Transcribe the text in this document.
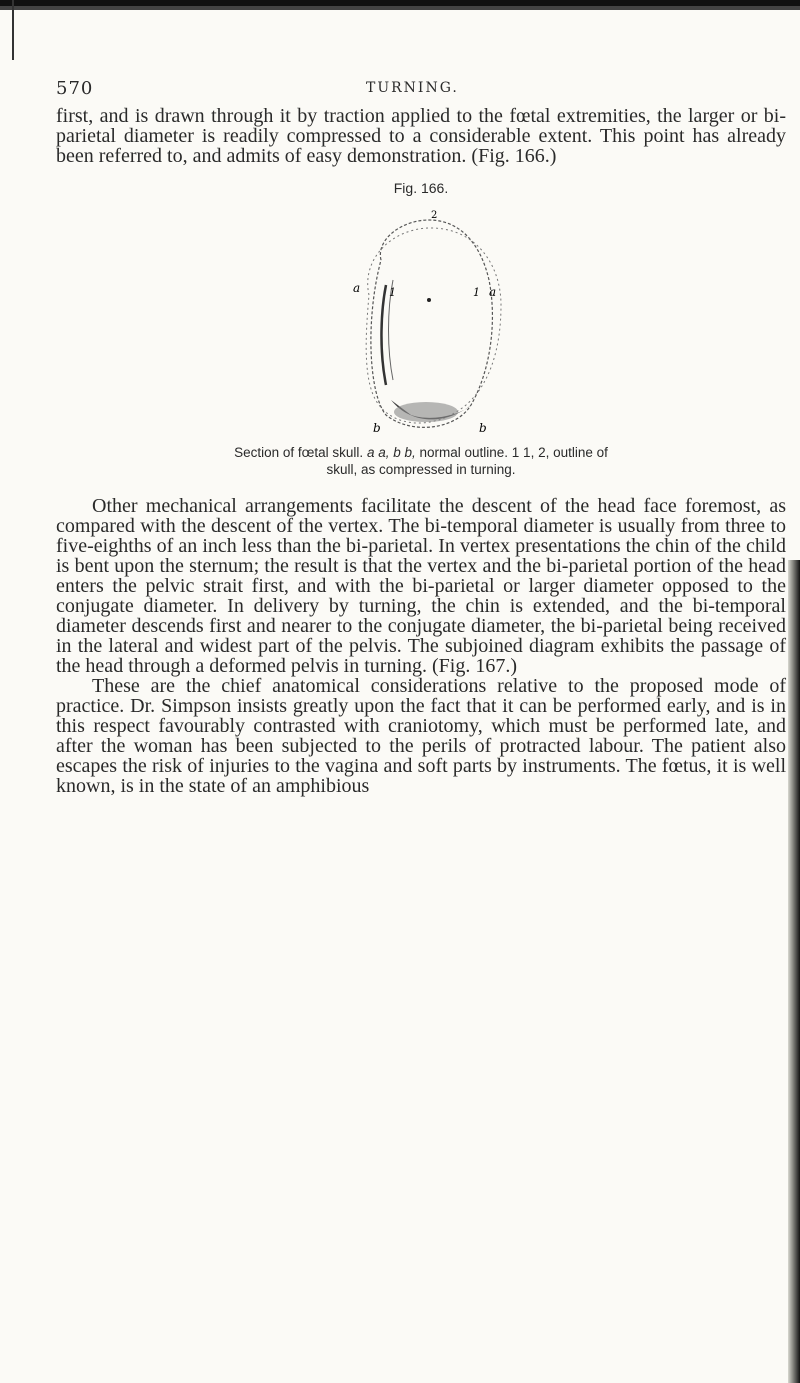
570	TURNING.

first, and is drawn through it by traction applied to the fœtal extremities, the larger or bi-parietal diameter is readily compressed to a considerable extent. This point has already been referred to, and admits of easy demonstration. (Fig. 166.)

Fig. 166.
a	1	1 a
2
b	b
Section of fœtal skull. a a, b b, normal outline. 1 1, 2, outline of
skull, as compressed in turning.

Other mechanical arrangements facilitate the descent of the head face foremost, as compared with the descent of the vertex. The bi-temporal diameter is usually from three to five-eighths of an inch less than the bi-parietal. In vertex presentations the chin of the child is bent upon the sternum; the result is that the vertex and the bi-parietal portion of the head enters the pelvic strait first, and with the bi-parietal or larger diameter opposed to the conjugate diameter. In delivery by turning, the chin is extended, and the bi-temporal diameter descends first and nearer to the conjugate diameter, the bi-parietal being received in the lateral and widest part of the pelvis. The subjoined diagram exhibits the passage of the head through a deformed pelvis in turning. (Fig. 167.)

These are the chief anatomical considerations relative to the proposed mode of practice. Dr. Simpson insists greatly upon the fact that it can be performed early, and is in this respect favourably contrasted with craniotomy, which must be performed late, and after the woman has been subjected to the perils of protracted labour. The patient also escapes the risk of injuries to the vagina and soft parts by instruments. The fœtus, it is well known, is in the state of an amphibious
